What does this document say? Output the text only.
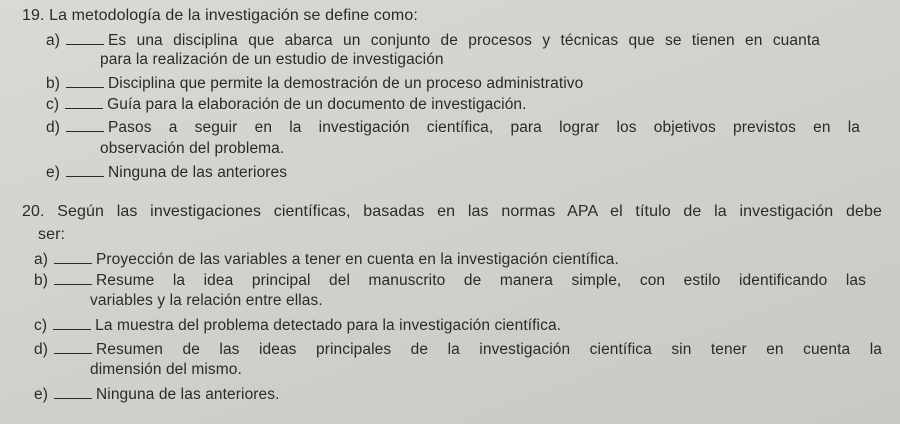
19. La metodología de la investigación se define como:
a)	Es una disciplina que abarca un conjunto de procesos y técnicas que se tienen en cuanta
para la realización de un estudio de investigación
b)	Disciplina que permite la demostración de un proceso administrativo
c)	Guía para la elaboración de un documento de investigación.
d)	Pasos a seguir en la investigación científica, para lograr los objetivos previstos en la
observación del problema.
e)	Ninguna de las anteriores
20. Según las investigaciones científicas, basadas en las normas APA el título de la investigación debe
ser:
a)	Proyección de las variables a tener en cuenta en la investigación científica.
b)	Resume la idea principal del manuscrito de manera simple, con estilo identificando las
variables y la relación entre ellas.
c)	La muestra del problema detectado para la investigación científica.
d)	Resumen de las ideas principales de la investigación científica sin tener en cuenta la
dimensión del mismo.
e)	Ninguna de las anteriores.
